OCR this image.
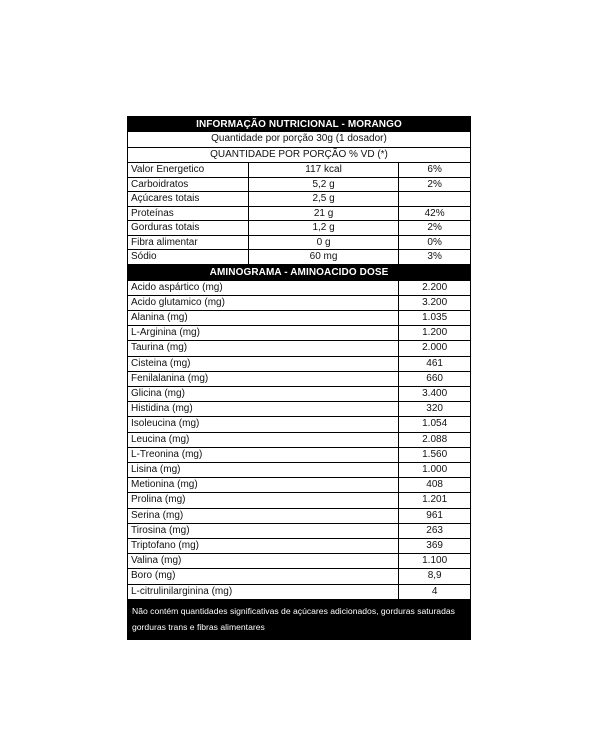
INFORMAÇÃO NUTRICIONAL - MORANGO
Quantidade por porção 30g (1 dosador)
QUANTIDADE POR PORÇÃO % VD (*)
Valor Energetico	117 kcal	6%
Carboidratos	5,2 g	2%
Açúcares totais	2,5 g	
Proteínas	21 g	42%
Gorduras totais	1,2 g	2%
Fibra alimentar	0 g	0%
Sódio	60 mg	3%
AMINOGRAMA - AMINOACIDO DOSE
Acido aspártico (mg)	2.200
Acido glutamico (mg)	3.200
Alanina (mg)	1.035
L-Arginina (mg)	1.200
Taurina (mg)	2.000
Cisteina (mg)	461
Fenilalanina (mg)	660
Glicina (mg)	3.400
Histidina (mg)	320
Isoleucina (mg)	1.054
Leucina (mg)	2.088
L-Treonina (mg)	1.560
Lisina (mg)	1.000
Metionina (mg)	408
Prolina (mg)	1.201
Serina (mg)	961
Tirosina (mg)	263
Triptofano (mg)	369
Valina (mg)	1.100
Boro (mg)	8,9
L-citrulinilarginina (mg)	4
Não contém quantidades significativas de açúcares adicionados, gorduras saturadas gorduras trans e fibras alimentares
